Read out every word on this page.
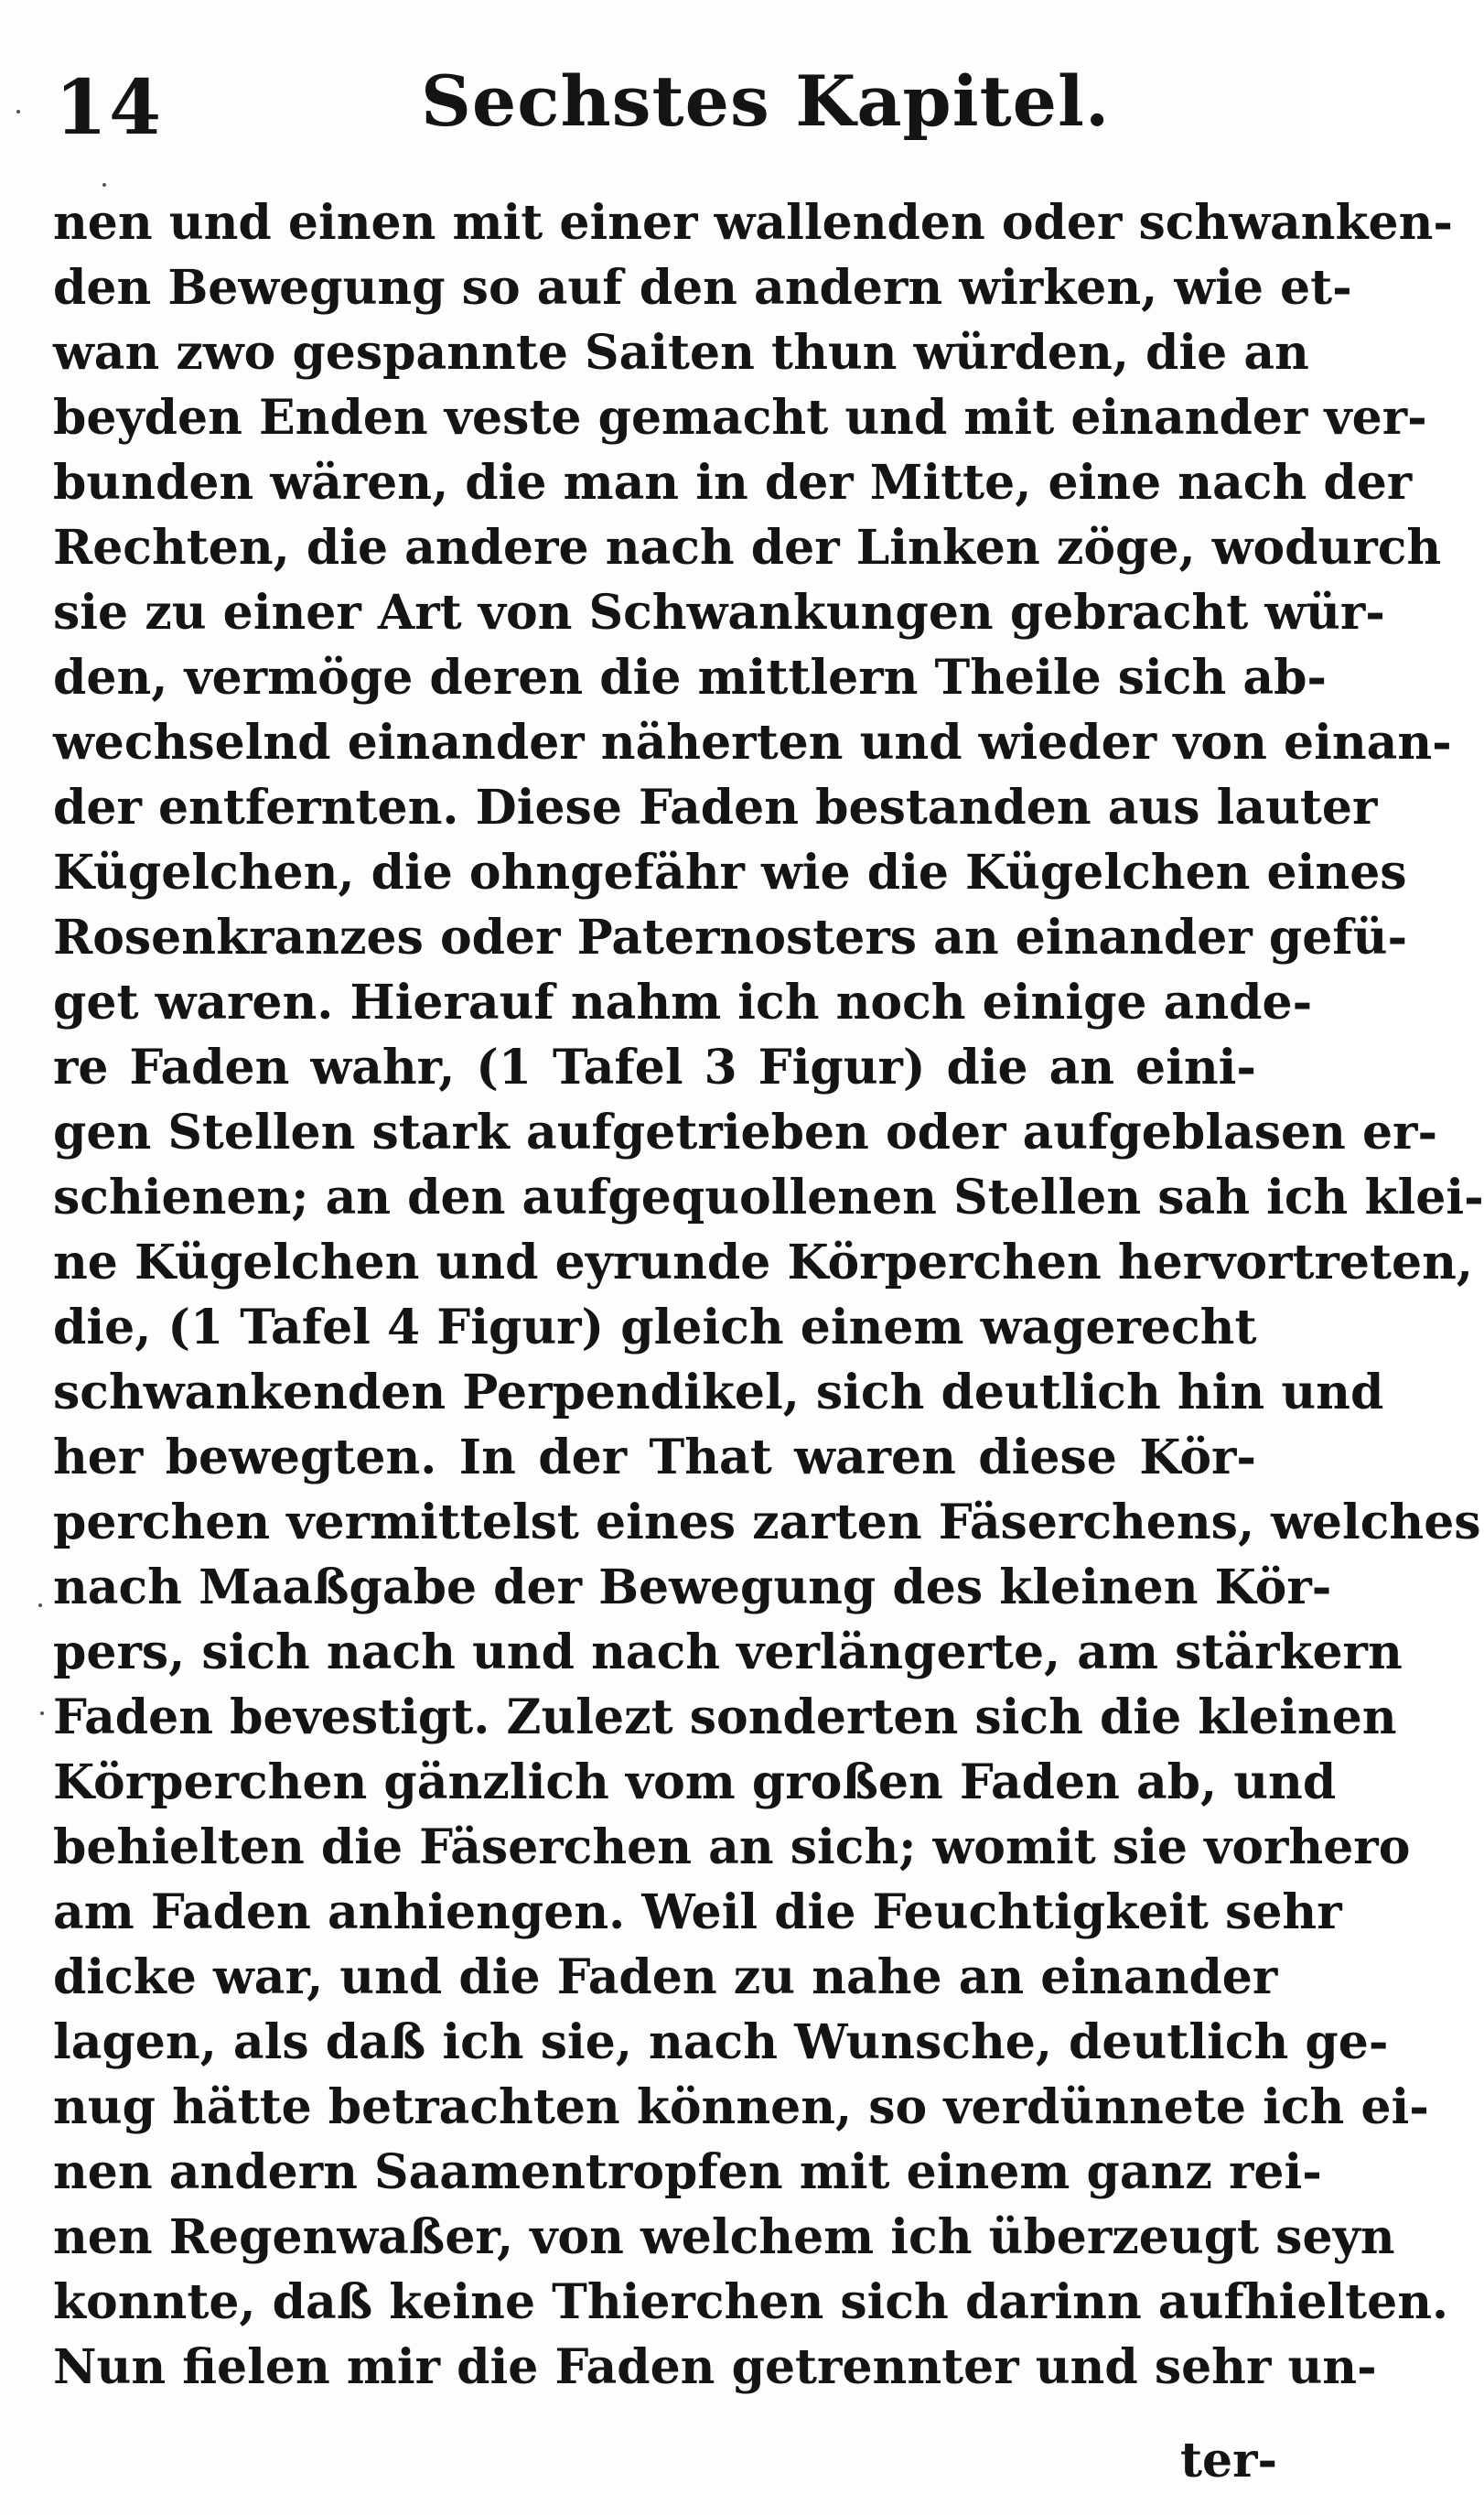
14	Sechstes Kapitel.
nen und einen mit einer wallenden oder schwanken-
den Bewegung so auf den andern wirken, wie et-
wan zwo gespannte Saiten thun würden, die an
beyden Enden veste gemacht und mit einander ver-
bunden wären, die man in der Mitte, eine nach der
Rechten, die andere nach der Linken zöge, wodurch
sie zu einer Art von Schwankungen gebracht wür-
den, vermöge deren die mittlern Theile sich ab-
wechselnd einander näherten und wieder von einan-
der entfernten. Diese Faden bestanden aus lauter
Kügelchen, die ohngefähr wie die Kügelchen eines
Rosenkranzes oder Paternosters an einander gefü-
get waren. Hierauf nahm ich noch einige ande-
re Faden wahr, (1 Tafel 3 Figur) die an eini-
gen Stellen stark aufgetrieben oder aufgeblasen er-
schienen; an den aufgequollenen Stellen sah ich klei-
ne Kügelchen und eyrunde Körperchen hervortreten,
die, (1 Tafel 4 Figur) gleich einem wagerecht
schwankenden Perpendikel, sich deutlich hin und
her bewegten. In der That waren diese Kör-
perchen vermittelst eines zarten Fäserchens, welches
nach Maaßgabe der Bewegung des kleinen Kör-
pers, sich nach und nach verlängerte, am stärkern
Faden bevestigt. Zulezt sonderten sich die kleinen
Körperchen gänzlich vom großen Faden ab, und
behielten die Fäserchen an sich; womit sie vorhero
am Faden anhiengen. Weil die Feuchtigkeit sehr
dicke war, und die Faden zu nahe an einander
lagen, als daß ich sie, nach Wunsche, deutlich ge-
nug hätte betrachten können, so verdünnete ich ei-
nen andern Saamentropfen mit einem ganz rei-
nen Regenwaßer, von welchem ich überzeugt seyn
konnte, daß keine Thierchen sich darinn aufhielten.
Nun fielen mir die Faden getrennter und sehr un-
ter-
